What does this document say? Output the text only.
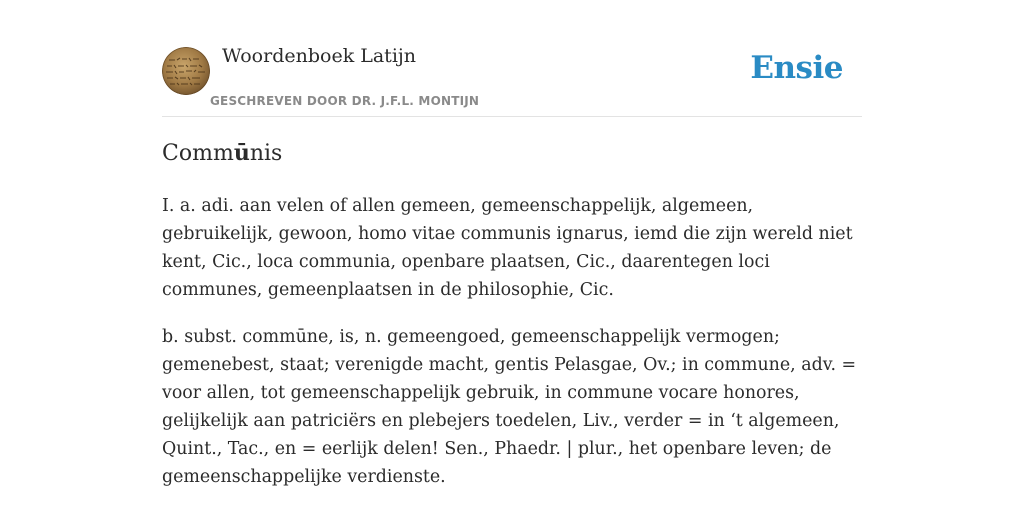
Woordenboek Latijn
GESCHREVEN DOOR DR. J.F.L. MONTIJN
Ensie
Commūnis

I. a. adi. aan velen of allen gemeen, gemeenschappelijk, algemeen, gebruikelijk, gewoon, homo vitae communis ignarus, iemd die zijn wereld niet kent, Cic., loca communia, openbare plaatsen, Cic., daarentegen loci communes, gemeenplaatsen in de philosophie, Cic.

b. subst. commūne, is, n. gemeengoed, gemeenschappelijk vermogen; gemenebest, staat; verenigde macht, gentis Pelasgae, Ov.; in commune, adv. = voor allen, tot gemeenschappelijk gebruik, in commune vocare honores, gelijkelijk aan patriciërs en plebejers toedelen, Liv., verder = in ‘t algemeen, Quint., Tac., en = eerlijk delen! Sen., Phaedr. | plur., het openbare leven; de gemeenschappelijke verdienste.
